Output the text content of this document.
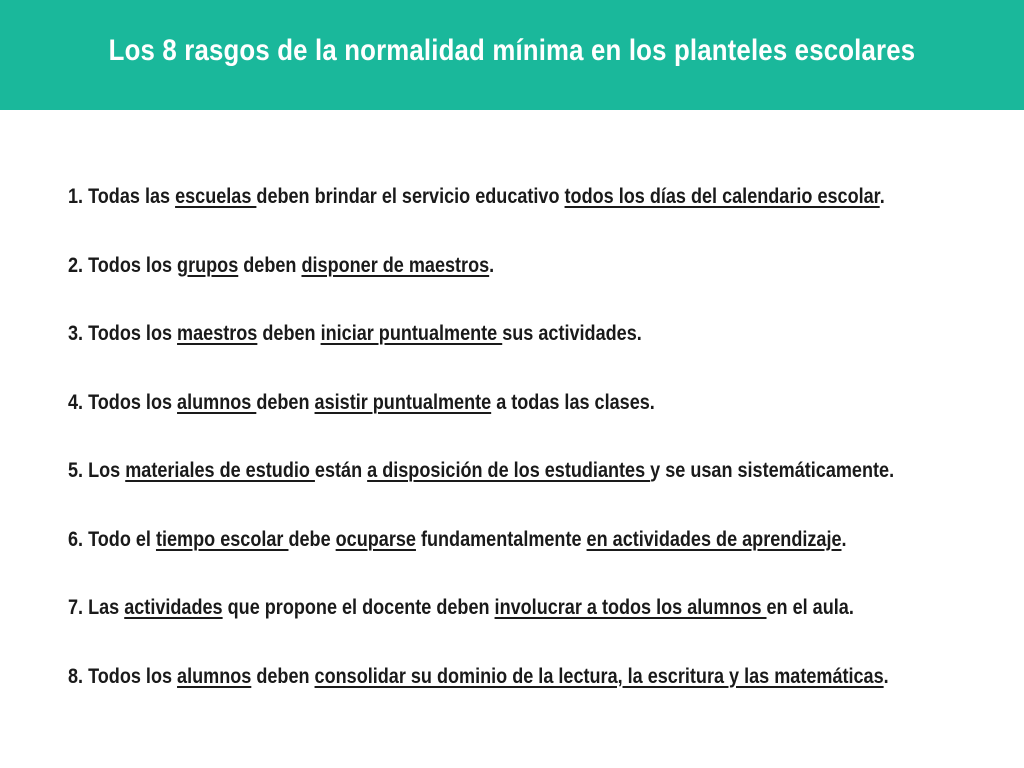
Los 8 rasgos de la normalidad mínima en los planteles escolares
1. Todas las escuelas deben brindar el servicio educativo todos los días del calendario escolar.
2. Todos los grupos deben disponer de maestros.
3. Todos los maestros deben iniciar puntualmente sus actividades.
4. Todos los alumnos deben asistir puntualmente a todas las clases.
5. Los materiales de estudio están a disposición de los estudiantes y se usan sistemáticamente.
6. Todo el tiempo escolar debe ocuparse fundamentalmente en actividades de aprendizaje.
7. Las actividades que propone el docente deben involucrar a todos los alumnos en el aula.
8. Todos los alumnos deben consolidar su dominio de la lectura, la escritura y las matemáticas.
